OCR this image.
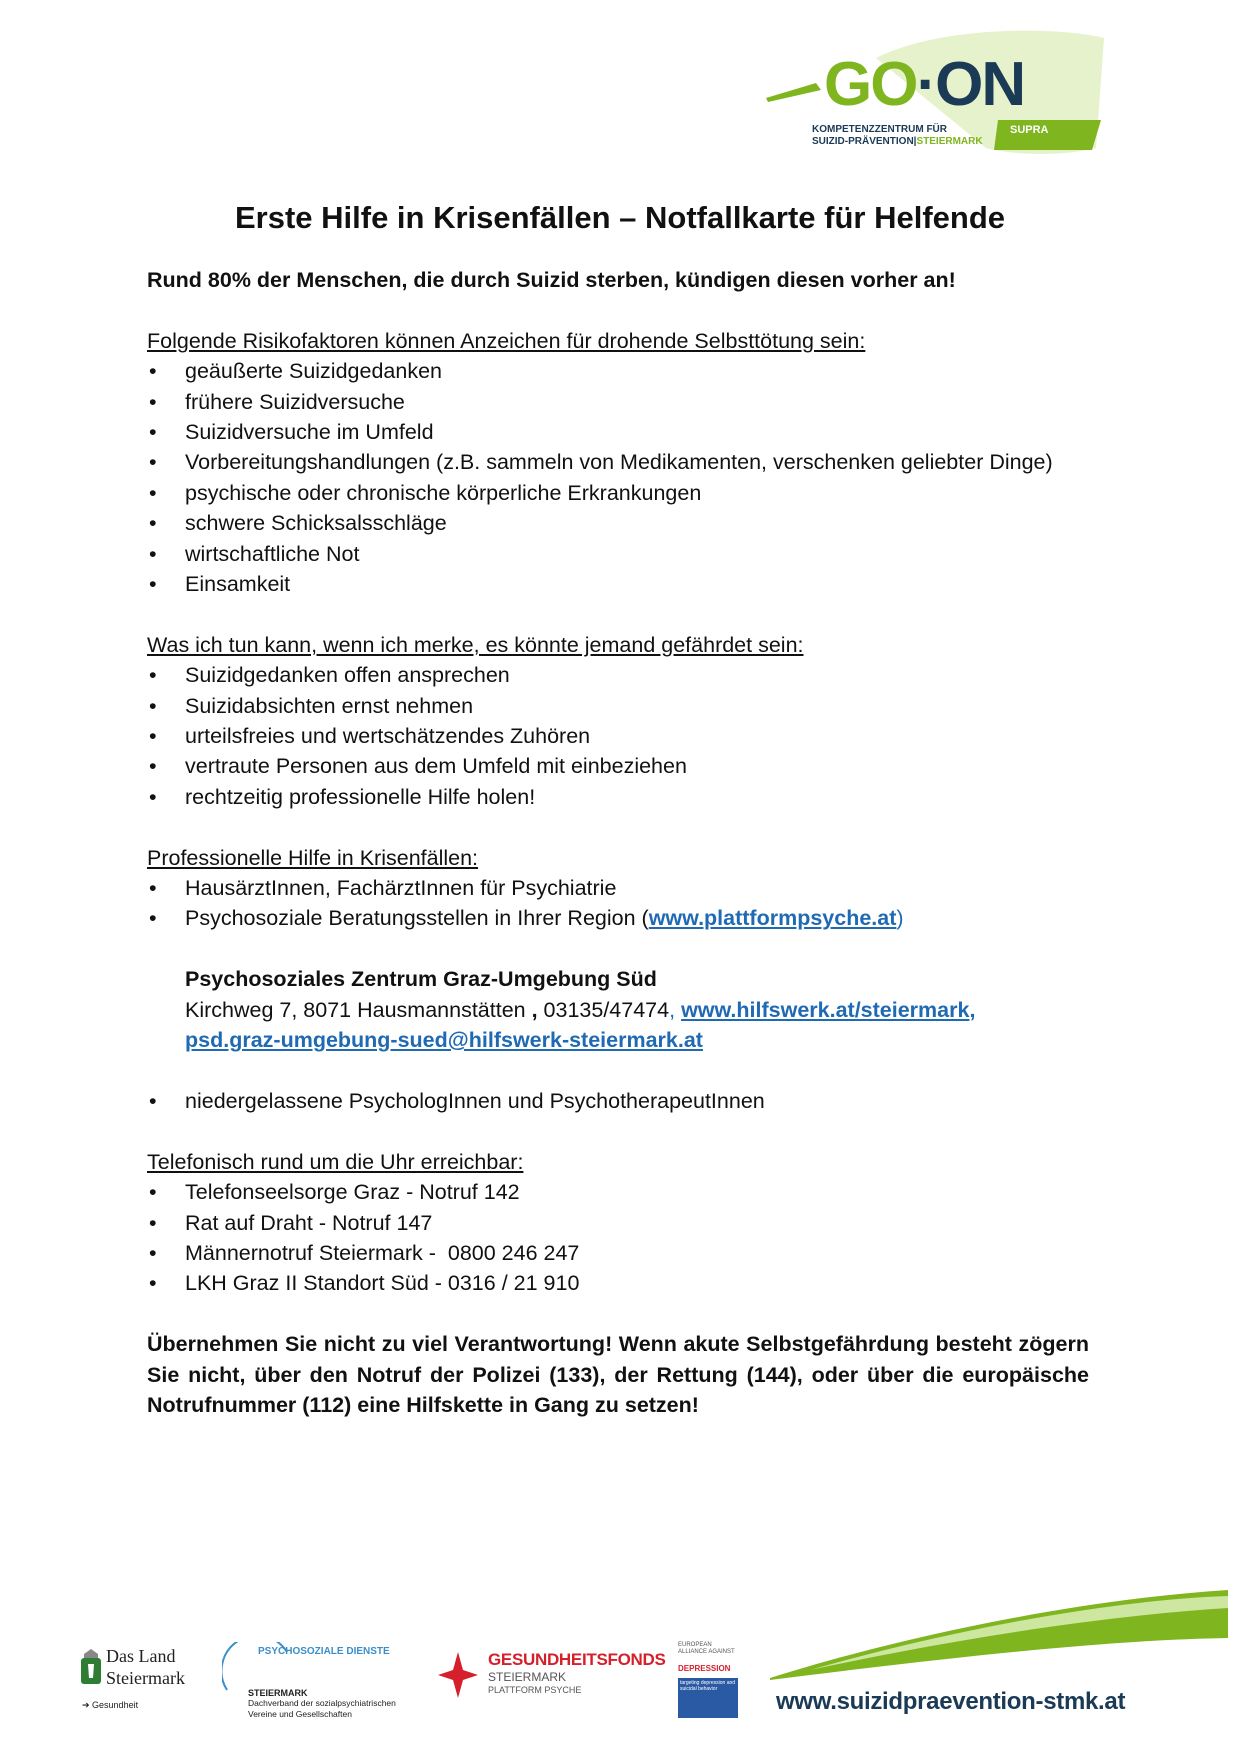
GO·ON
KOMPETENZZENTRUM FÜR
SUIZID-PRÄVENTION|STEIERMARK
SUPRA
Erste Hilfe in Krisenfällen – Notfallkarte für Helfende

Rund 80% der Menschen, die durch Suizid sterben, kündigen diesen vorher an!

Folgende Risikofaktoren können Anzeichen für drohende Selbsttötung sein:

• geäußerte Suizidgedanken
• frühere Suizidversuche
• Suizidversuche im Umfeld
• Vorbereitungshandlungen (z.B. sammeln von Medikamenten, verschenken geliebter Dinge)
• psychische oder chronische körperliche Erkrankungen
• schwere Schicksalsschläge
• wirtschaftliche Not
• Einsamkeit

Was ich tun kann, wenn ich merke, es könnte jemand gefährdet sein:

• Suizidgedanken offen ansprechen
• Suizidabsichten ernst nehmen
• urteilsfreies und wertschätzendes Zuhören
• vertraute Personen aus dem Umfeld mit einbeziehen
• rechtzeitig professionelle Hilfe holen!

Professionelle Hilfe in Krisenfällen:

• HausärztInnen, FachärztInnen für Psychiatrie
• Psychosoziale Beratungsstellen in Ihrer Region (www.plattformpsyche.at)

Psychosoziales Zentrum Graz-Umgebung Süd

Kirchweg 7, 8071 Hausmannstätten , 03135/47474, www.hilfswerk.at/steiermark,

psd.graz-umgebung-sued@hilfswerk-steiermark.at

• niedergelassene PsychologInnen und PsychotherapeutInnen

Telefonisch rund um die Uhr erreichbar:

• Telefonseelsorge Graz - Notruf 142
• Rat auf Draht - Notruf 147
• Männernotruf Steiermark -  0800 246 247
• LKH Graz II Standort Süd - 0316 / 21 910

Übernehmen Sie nicht zu viel Verantwortung! Wenn akute Selbstgefährdung besteht zögern Sie nicht, über den Notruf der Polizei (133), der Rettung (144), oder über die europäische Notrufnummer (112) eine Hilfskette in Gang zu setzen!

Das Land
Steiermark
➔ Gesundheit
PSYCHOSOZIALE DIENSTE
STEIERMARK
Dachverband der sozialpsychiatrischen
Vereine und Gesellschaften
GESUNDHEITSFONDS
STEIERMARK
PLATTFORM PSYCHE
EUROPEAN ALLIANCE AGAINST
DEPRESSION
targeting depression and suicidal behavior	www.suizidpraevention-stmk.at
